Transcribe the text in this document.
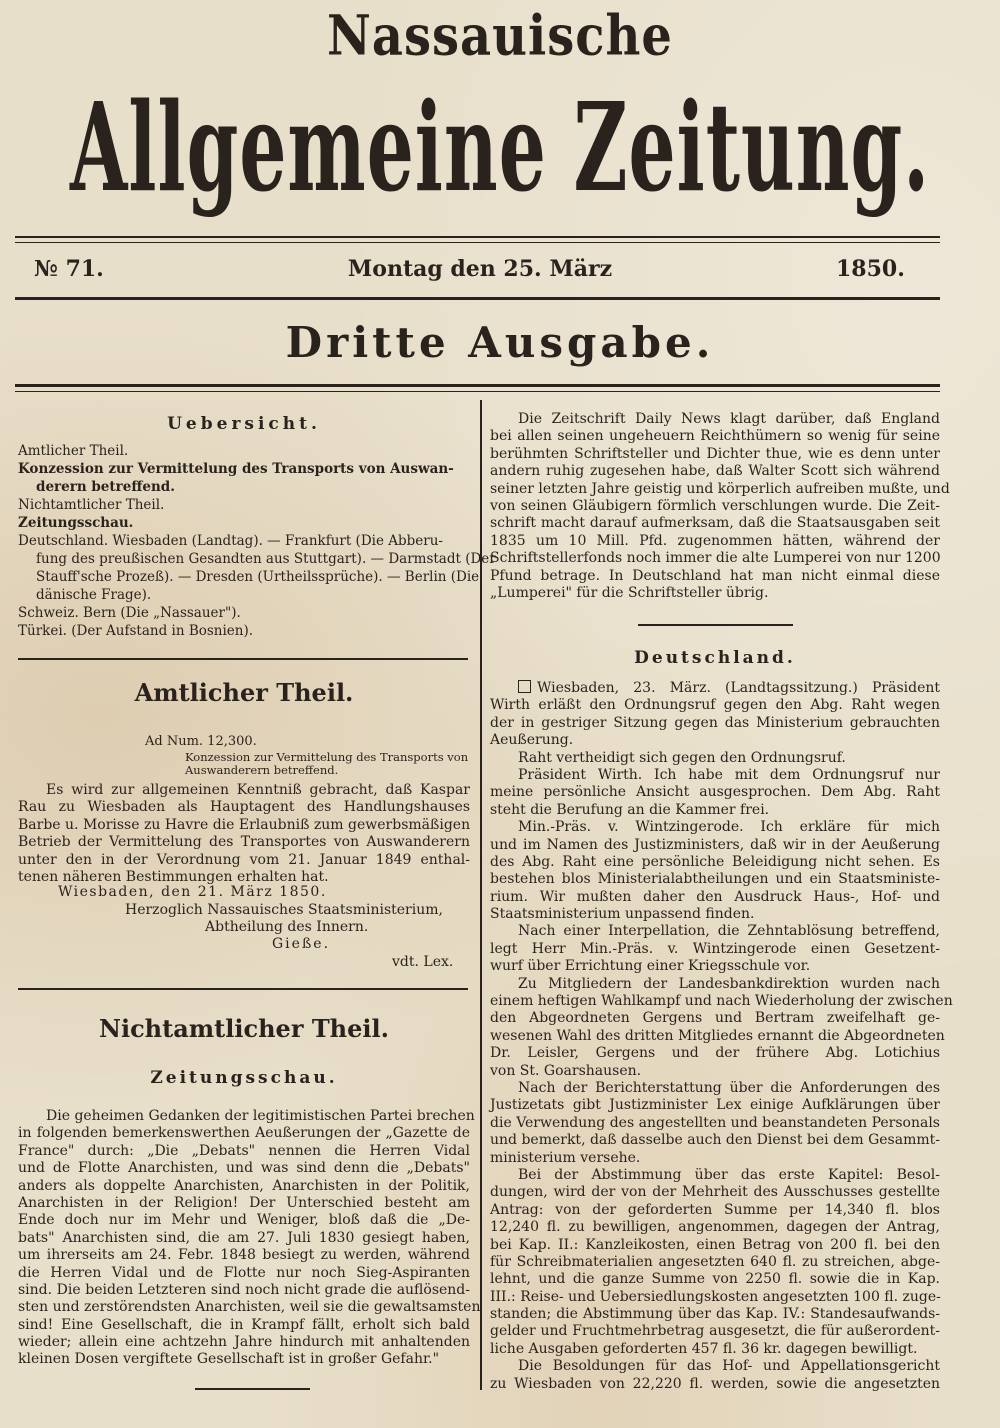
Nassauische
Allgemeine Zeitung.
№ 71.	Montag den 25. März	1850.
Dritte Ausgabe.
Uebersicht.
Amtlicher Theil.
Konzession zur Vermittelung des Transports von Auswan-
derern betreffend.
Nichtamtlicher Theil.
Zeitungsschau.
Deutschland. Wiesbaden (Landtag). — Frankfurt (Die Abberu-
fung des preußischen Gesandten aus Stuttgart). — Darmstadt (Der
Stauff'sche Prozeß). — Dresden (Urtheilssprüche). — Berlin (Die
dänische Frage).
Schweiz. Bern (Die „Nassauer").
Türkei. (Der Aufstand in Bosnien).
Amtlicher Theil.
Ad Num. 12,300.
Konzession zur Vermittelung des Transports von
Auswanderern betreffend.
Es wird zur allgemeinen Kenntniß gebracht, daß Kaspar
Rau zu Wiesbaden als Hauptagent des Handlungshauses
Barbe u. Morisse zu Havre die Erlaubniß zum gewerbsmäßigen
Betrieb der Vermittelung des Transportes von Auswanderern
unter den in der Verordnung vom 21. Januar 1849 enthal-
tenen näheren Bestimmungen erhalten hat.
Wiesbaden, den 21. März 1850.
Herzoglich Nassauisches Staatsministerium,
Abtheilung des Innern.
Gieße.
vdt. Lex.
Nichtamtlicher Theil.
Zeitungsschau.
Die geheimen Gedanken der legitimistischen Partei brechen
in folgenden bemerkenswerthen Aeußerungen der „Gazette de
France" durch: „Die „Debats" nennen die Herren Vidal
und de Flotte Anarchisten, und was sind denn die „Debats"
anders als doppelte Anarchisten, Anarchisten in der Politik,
Anarchisten in der Religion! Der Unterschied besteht am
Ende doch nur im Mehr und Weniger, bloß daß die „De-
bats" Anarchisten sind, die am 27. Juli 1830 gesiegt haben,
um ihrerseits am 24. Febr. 1848 besiegt zu werden, während
die Herren Vidal und de Flotte nur noch Sieg-Aspiranten
sind. Die beiden Letzteren sind noch nicht grade die auflösend-
sten und zerstörendsten Anarchisten, weil sie die gewaltsamsten
sind! Eine Gesellschaft, die in Krampf fällt, erholt sich bald
wieder; allein eine achtzehn Jahre hindurch mit anhaltenden
kleinen Dosen vergiftete Gesellschaft ist in großer Gefahr."
Die Zeitschrift Daily News klagt darüber, daß England
bei allen seinen ungeheuern Reichthümern so wenig für seine
berühmten Schriftsteller und Dichter thue, wie es denn unter
andern ruhig zugesehen habe, daß Walter Scott sich während
seiner letzten Jahre geistig und körperlich aufreiben mußte, und
von seinen Gläubigern förmlich verschlungen wurde. Die Zeit-
schrift macht darauf aufmerksam, daß die Staatsausgaben seit
1835 um 10 Mill. Pfd. zugenommen hätten, während der
Schriftstellerfonds noch immer die alte Lumperei von nur 1200
Pfund betrage. In Deutschland hat man nicht einmal diese
„Lumperei" für die Schriftsteller übrig.
Deutschland.
Wiesbaden, 23. März. (Landtagssitzung.) Präsident
Wirth erläßt den Ordnungsruf gegen den Abg. Raht wegen
der in gestriger Sitzung gegen das Ministerium gebrauchten
Aeußerung.
Raht vertheidigt sich gegen den Ordnungsruf.
Präsident Wirth. Ich habe mit dem Ordnungsruf nur
meine persönliche Ansicht ausgesprochen. Dem Abg. Raht
steht die Berufung an die Kammer frei.
Min.-Präs. v. Wintzingerode. Ich erkläre für mich
und im Namen des Justizministers, daß wir in der Aeußerung
des Abg. Raht eine persönliche Beleidigung nicht sehen. Es
bestehen blos Ministerialabtheilungen und ein Staatsministe-
rium. Wir mußten daher den Ausdruck Haus-, Hof- und
Staatsministerium unpassend finden.
Nach einer Interpellation, die Zehntablösung betreffend,
legt Herr Min.-Präs. v. Wintzingerode einen Gesetzent-
wurf über Errichtung einer Kriegsschule vor.
Zu Mitgliedern der Landesbankdirektion wurden nach
einem heftigen Wahlkampf und nach Wiederholung der zwischen
den Abgeordneten Gergens und Bertram zweifelhaft ge-
wesenen Wahl des dritten Mitgliedes ernannt die Abgeordneten
Dr. Leisler, Gergens und der frühere Abg. Lotichius
von St. Goarshausen.
Nach der Berichterstattung über die Anforderungen des
Justizetats gibt Justizminister Lex einige Aufklärungen über
die Verwendung des angestellten und beanstandeten Personals
und bemerkt, daß dasselbe auch den Dienst bei dem Gesammt-
ministerium versehe.
Bei der Abstimmung über das erste Kapitel: Besol-
dungen, wird der von der Mehrheit des Ausschusses gestellte
Antrag: von der geforderten Summe per 14,340 fl. blos
12,240 fl. zu bewilligen, angenommen, dagegen der Antrag,
bei Kap. II.: Kanzleikosten, einen Betrag von 200 fl. bei den
für Schreibmaterialien angesetzten 640 fl. zu streichen, abge-
lehnt, und die ganze Summe von 2250 fl. sowie die in Kap.
III.: Reise- und Uebersiedlungskosten angesetzten 100 fl. zuge-
standen; die Abstimmung über das Kap. IV.: Standesaufwands-
gelder und Fruchtmehrbetrag ausgesetzt, die für außerordent-
liche Ausgaben geforderten 457 fl. 36 kr. dagegen bewilligt.
Die Besoldungen für das Hof- und Appellationsgericht
zu Wiesbaden von 22,220 fl. werden, sowie die angesetzten
